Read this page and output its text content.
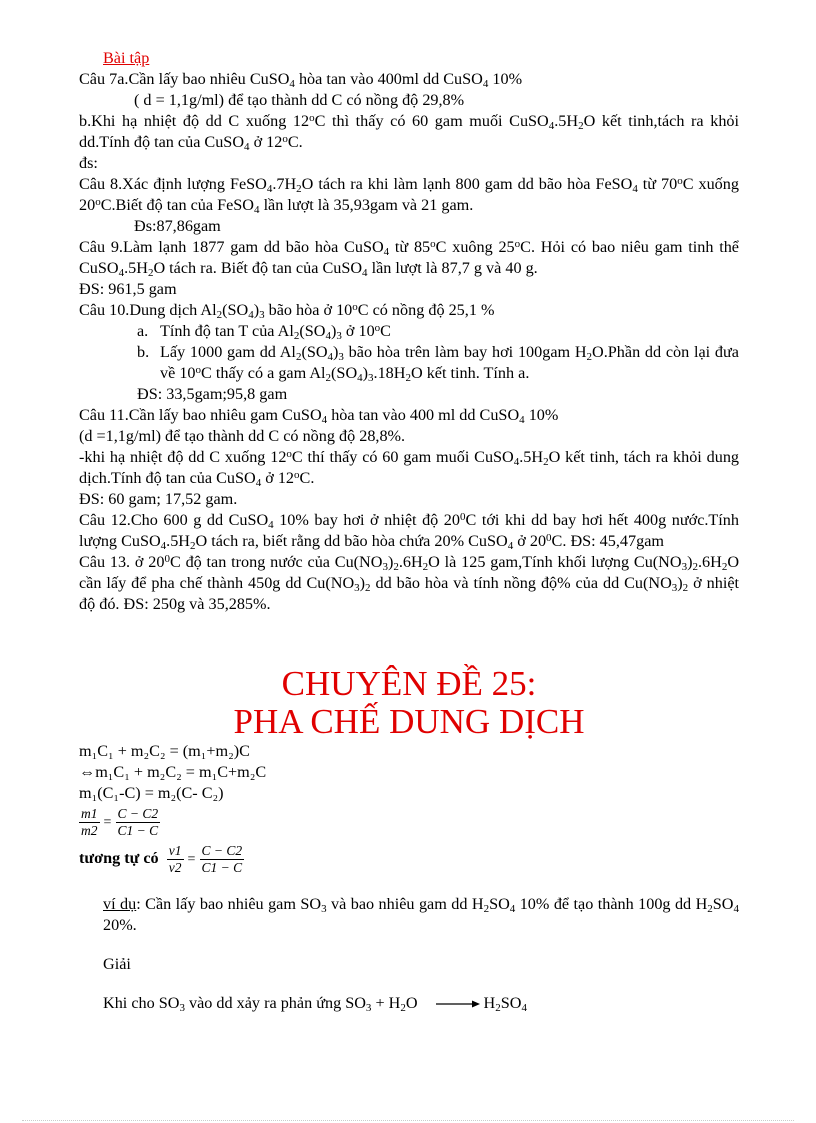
Bài tập

Câu 7a.Cần lấy bao nhiêu CuSO$_4$ hòa tan vào 400ml dd CuSO$_4$ 10%

( d = 1,1g/ml) để tạo thành dd C có nồng độ 29,8%

b.Khi hạ nhiệt độ dd C xuống 12$^o$C thì thấy có 60 gam muối $CuSO_4.5H_2O$ kết tinh,tách ra khỏi dd.Tính độ tan của CuSO$_4$ ở 12$^o$C.

đs:

Câu 8.Xác định lượng $FeSO_4.7H_2O$ tách ra khi làm lạnh 800 gam dd bão hòa FeSO$_4$ từ 70$^o$C xuống 20$^o$C.Biết độ tan của FeSO$_4$ lần lượt là 35,93gam và 21 gam.

Đs:87,86gam

Câu 9.Làm lạnh 1877 gam dd bão hòa CuSO$_4$ từ 85$^o$C xuông 25$^o$C. Hỏi có bao niêu gam tinh thể $CuSO_4.5H_2O$ tách ra. Biết độ tan của CuSO$_4$ lần lượt là 87,7 g và 40 g.

ĐS: 961,5 gam

Câu 10.Dung dịch $Al_2(SO_4)_3$ bão hòa ở 10$^o$C có nồng độ 25,1 %

a. Tính độ tan T của $Al_2(SO_4)_3$ ở 10$^o$C
b. Lấy 1000 gam dd $Al_2(SO_4)_3$ bão hòa trên làm bay hơi 100gam $H_2O.Phần$ dd còn lại đưa về 10$^o$C thấy có a gam $Al_2(SO_4)_3.18H_2O$ kết tinh. Tính a.

ĐS: 33,5gam;95,8 gam

Câu 11.Cần lấy bao nhiêu gam CuSO$_4$ hòa tan vào 400 ml dd CuSO$_4$ 10%

(d =1,1g/ml) để tạo thành dd C có nồng độ 28,8%.

-khi hạ nhiệt độ dd C xuống 12$^o$C thí thấy có 60 gam muối $CuSO_4.5H_2O$ kết tinh, tách ra khỏi dung dịch.Tính độ tan của CuSO$_4$ ở 12$^o$C.

ĐS: 60 gam; 17,52 gam.

Câu 12.Cho 600 g dd CuSO$_4$ 10% bay hơi ở nhiệt độ $20^0C$ tới khi dd bay hơi hết 400g nước.Tính lượng $CuSO_4.5H_2O$ tách ra, biết rằng dd bão hòa chứa 20% CuSO$_4$ ở $20^0C$. ĐS: 45,47gam

Câu 13. ở $20^0C$ độ tan trong nước của $Cu(NO_3)_2.6H_2O$ là 125 gam,Tính khối lượng $Cu(NO_3)_2.6H_2O$ cần lấy để pha chế thành 450g dd $Cu(NO_3)_2$ dd bão hòa và tính nồng độ% của dd $Cu(NO_3)_2$ ở nhiệt độ đó. ĐS: 250g và 35,285%.

CHUYÊN ĐỀ 25:

PHA CHẾ DUNG DỊCH

m₁C₁ + m₂C₂ = (m₁+m₂)C

⇔m₁C₁ + m₂C₂ = m₁C+m₂C

m₁(C₁-C) = m₂(C- C₂)

$\frac{m1}{m2} = \frac{C - C2}{C1 - C}$

tương tự có $\frac{v1}{v2} = \frac{C - C2}{C1 - C}$

ví dụ: Cần lấy bao nhiêu gam $SO_3$ và bao nhiêu gam dd $H_2SO_4$ 10% để tạo thành 100g dd $H_2SO_4$ 20%.

Giải

Khi cho $SO_3$ vào dd xảy ra phản ứng $SO_3 + H_2O \to H_2SO_4$
